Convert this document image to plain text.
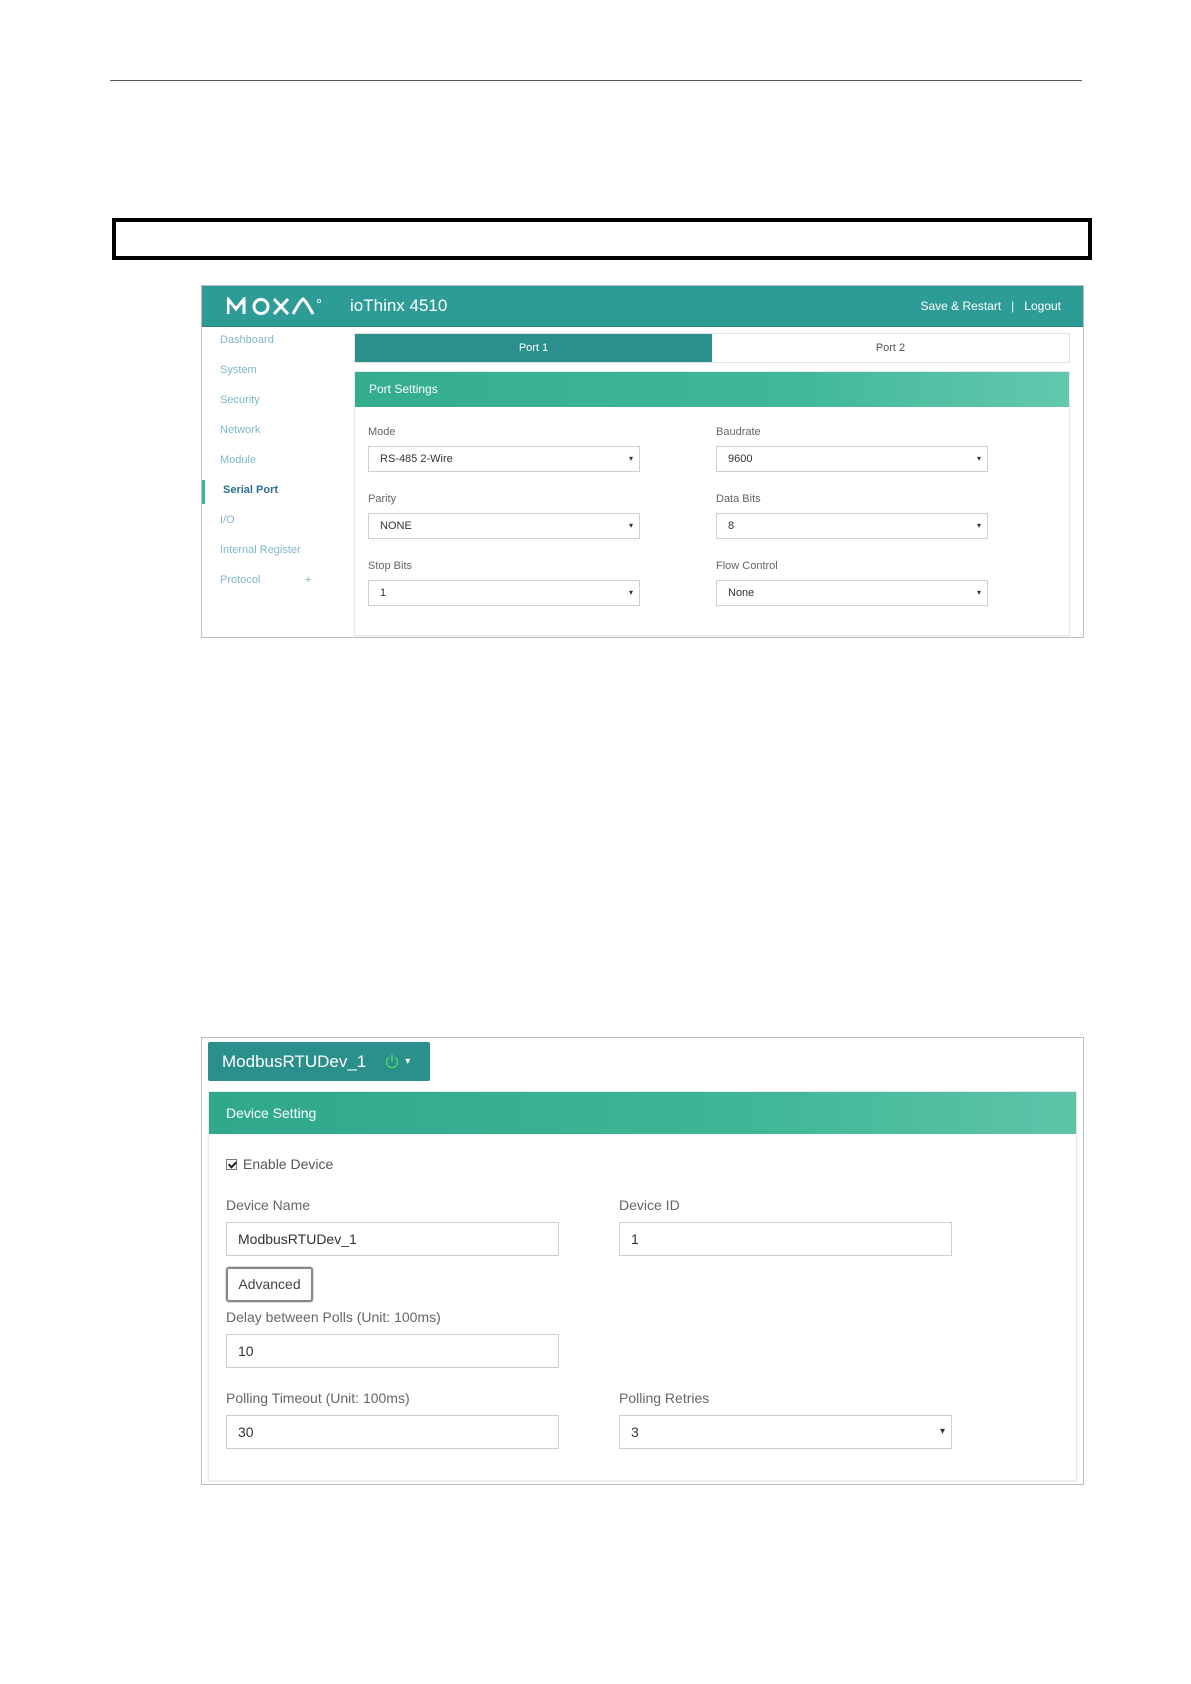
ioThinx 4510	Save & Restart | Logout
Dashboard
System
Security
Network
Module
Serial Port
I/O
Internal Register
Protocol	+
Port 1	Port 2
Port Settings
Mode
RS-485 2-Wire	▾
Baudrate
9600	▾
Parity
NONE	▾
Data Bits
8	▾
Stop Bits
1	▾
Flow Control
None	▾
ModbusRTUDev_1	▾
Device Setting
Enable Device
Device Name
ModbusRTUDev_1
Device ID
1
Advanced
Delay between Polls (Unit: 100ms)
10
Polling Timeout (Unit: 100ms)
30
Polling Retries
3	▾
